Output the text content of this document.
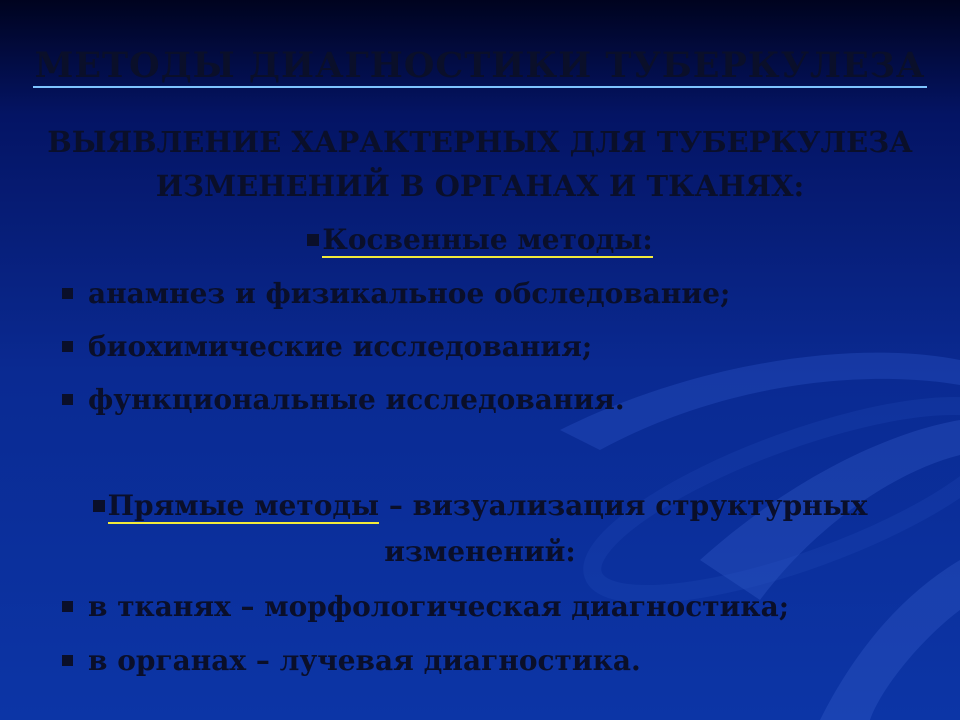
МЕТОДЫ ДИАГНОСТИКИ ТУБЕРКУЛЕЗА
ВЫЯВЛЕНИЕ ХАРАКТЕРНЫХ ДЛЯ ТУБЕРКУЛЕЗА
ИЗМЕНЕНИЙ В ОРГАНАХ И ТКАНЯХ:
Косвенные методы:
анамнез и физикальное обследование;
биохимические исследования;
функциональные исследования.
Прямые методы – визуализация структурных
изменений:
в тканях – морфологическая диагностика;
в органах – лучевая диагностика.
